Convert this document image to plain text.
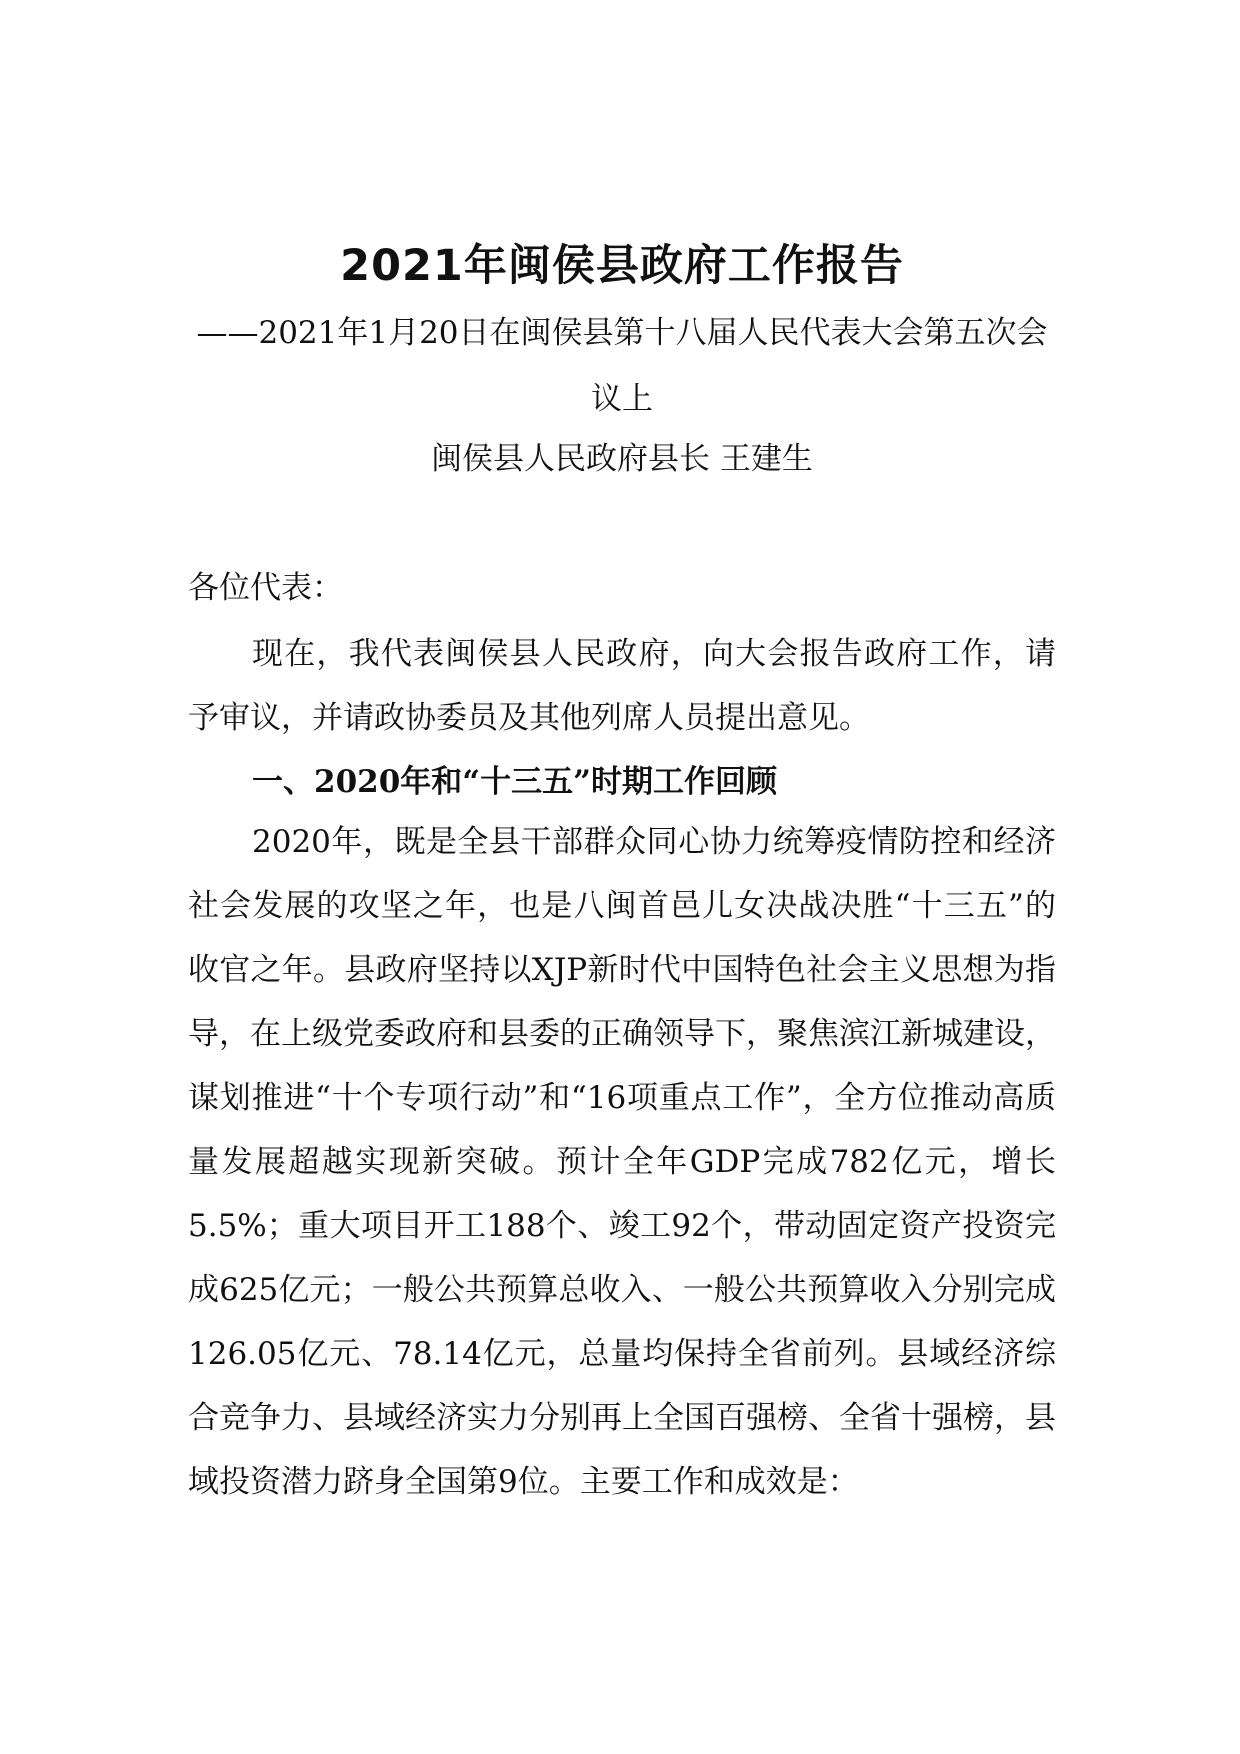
2021年闽侯县政府工作报告

——2021年1月20日在闽侯县第十八届人民代表大会第五次会议上

闽侯县人民政府县长 王建生

各位代表：

现在，我代表闽侯县人民政府，向大会报告政府工作，请予审议，并请政协委员及其他列席人员提出意见。

一、2020年和“十三五”时期工作回顾

2020年，既是全县干部群众同心协力统筹疫情防控和经济社会发展的攻坚之年，也是八闽首邑儿女决战决胜“十三五”的收官之年。县政府坚持以XJP新时代中国特色社会主义思想为指导，在上级党委政府和县委的正确领导下，聚焦滨江新城建设，谋划推进“十个专项行动”和“16项重点工作”，全方位推动高质量发展超越实现新突破。预计全年GDP完成782亿元，增长5.5%；重大项目开工188个、竣工92个，带动固定资产投资完成625亿元；一般公共预算总收入、一般公共预算收入分别完成126.05亿元、78.14亿元，总量均保持全省前列。县域经济综合竞争力、县域经济实力分别再上全国百强榜、全省十强榜，县域投资潜力跻身全国第9位。主要工作和成效是：
